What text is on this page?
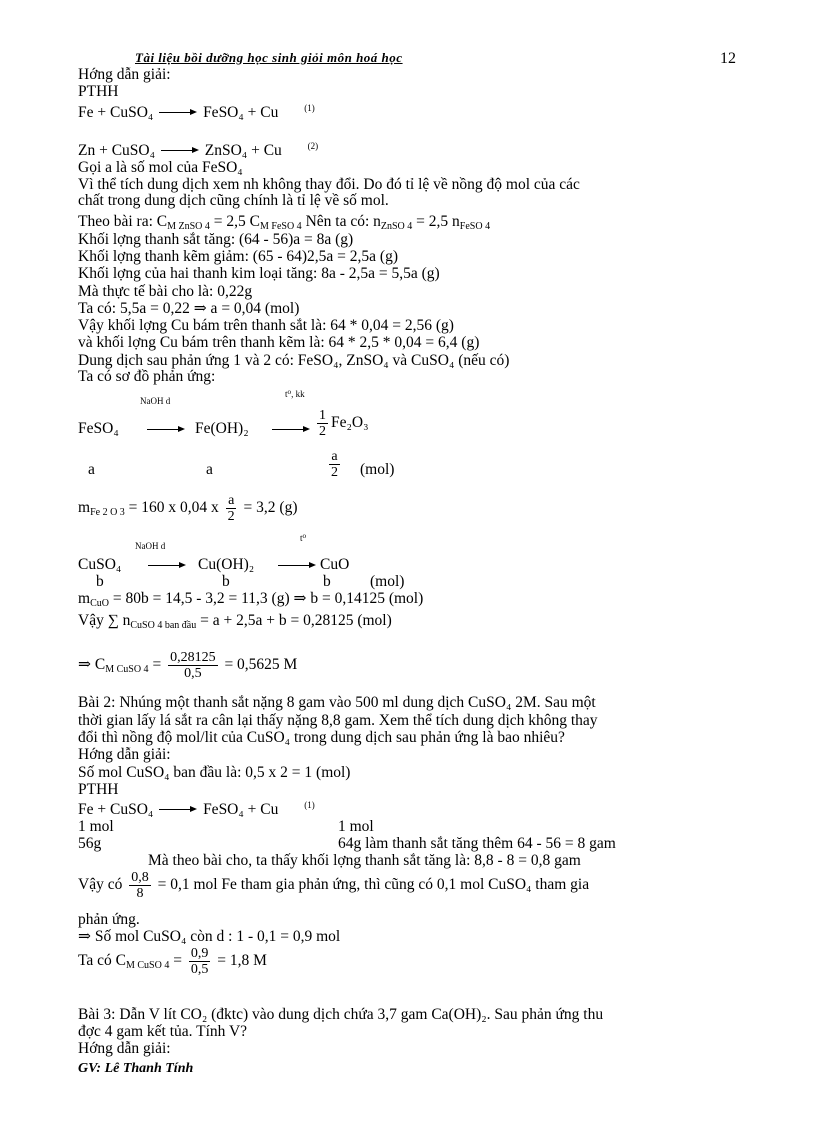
Tài liệu bồi dưỡng học sinh giỏi môn hoá học	12
Hớng dẫn giải:
PTHH
Fe + CuSO₄	FeSO₄ + Cu	$^{(1)}$
Zn + CuSO₄	ZnSO₄ + Cu	$^{(2)}$
Gọi a là số mol của FeSO₄
Vì thể tích dung dịch xem nh không thay đổi. Do đó tỉ lệ về nồng độ mol của các
chất trong dung dịch cũng chính là tỉ lệ về số mol.
Theo bài ra: $C_{M ZnSO 4} = 2,5$ $C_{M FeSO 4}$ Nên ta có: $n_{ZnSO 4} = 2,5$ $n_{FeSO 4}$
Khối lợng thanh sắt tăng: (64 - 56)a = 8a (g)
Khối lợng thanh kẽm giảm: (65 - 64)2,5a = 2,5a (g)
Khối lợng của hai thanh kim loại tăng: 8a - 2,5a = 5,5a (g)
Mà thực tế bài cho là: 0,22g
Ta có: 5,5a = 0,22 ⇒ a = 0,04 (mol)
Vậy khối lợng Cu bám trên thanh sắt là: 64 * 0,04 = 2,56 (g)
và khối lợng Cu bám trên thanh kẽm là: 64 * 2,5 * 0,04 = 6,4 (g)
Dung dịch sau phản ứng 1 và 2 có: FeSO₄, ZnSO₄ và CuSO₄ (nếu có)
Ta có sơ đồ phản ứng:
NaOH d
t⁰, kk
FeSO₄	Fe(OH)₂	$\frac{1}{2} Fe_2O_3$
a	a	$\frac{a}{2} (mol)$
$m_{Fe 2 O 3} = 160$ x 0,04 x $\frac{a}{2} = 3,2$ (g)
NaOH d
t⁰
CuSO₄	Cu(OH)₂	CuO
b	b	b	(mol)
$m_{CuO} = 80b = 14,5 - 3,2 = 11,3$ (g) ⇒ b = 0,14125 (mol)
Vậy ∑ $n_{CuSO 4 ban đầu} = a + 2,5a + b = 0,28125$ (mol)
⇒ $C_{M CuSO 4} = \frac{0,28125}{0,5} = 0,5625$ M
Bài 2: Nhúng một thanh sắt nặng 8 gam vào 500 ml dung dịch CuSO₄ 2M. Sau một
thời gian lấy lá sắt ra cân lại thấy nặng 8,8 gam. Xem thể tích dung dịch không thay
đổi thì nồng độ mol/lit của CuSO₄ trong dung dịch sau phản ứng là bao nhiêu?
Hớng dẫn giải:
Số mol CuSO₄ ban đầu là: 0,5 x 2 = 1 (mol)
PTHH
Fe + CuSO₄	FeSO₄ + Cu	$^{(1)}$
1 mol	1 mol
56g	64g làm thanh sắt tăng thêm 64 - 56 = 8 gam
Mà theo bài cho, ta thấy khối lợng thanh sắt tăng là: 8,8 - 8 = 0,8 gam
Vậy có $\frac{0,8}{8} = 0,1$ mol Fe tham gia phản ứng, thì cũng có 0,1 mol CuSO₄ tham gia
phản ứng.
⇒ Số mol CuSO₄ còn d : 1 - 0,1 = 0,9 mol
Ta có $C_{M CuSO 4} = \frac{0,9}{0,5} = 1,8$ M
Bài 3: Dẫn V lít CO₂ (đktc) vào dung dịch chứa 3,7 gam Ca(OH)₂. Sau phản ứng thu
đợc 4 gam kết tủa. Tính V?
Hớng dẫn giải:
GV: Lê Thanh Tính
